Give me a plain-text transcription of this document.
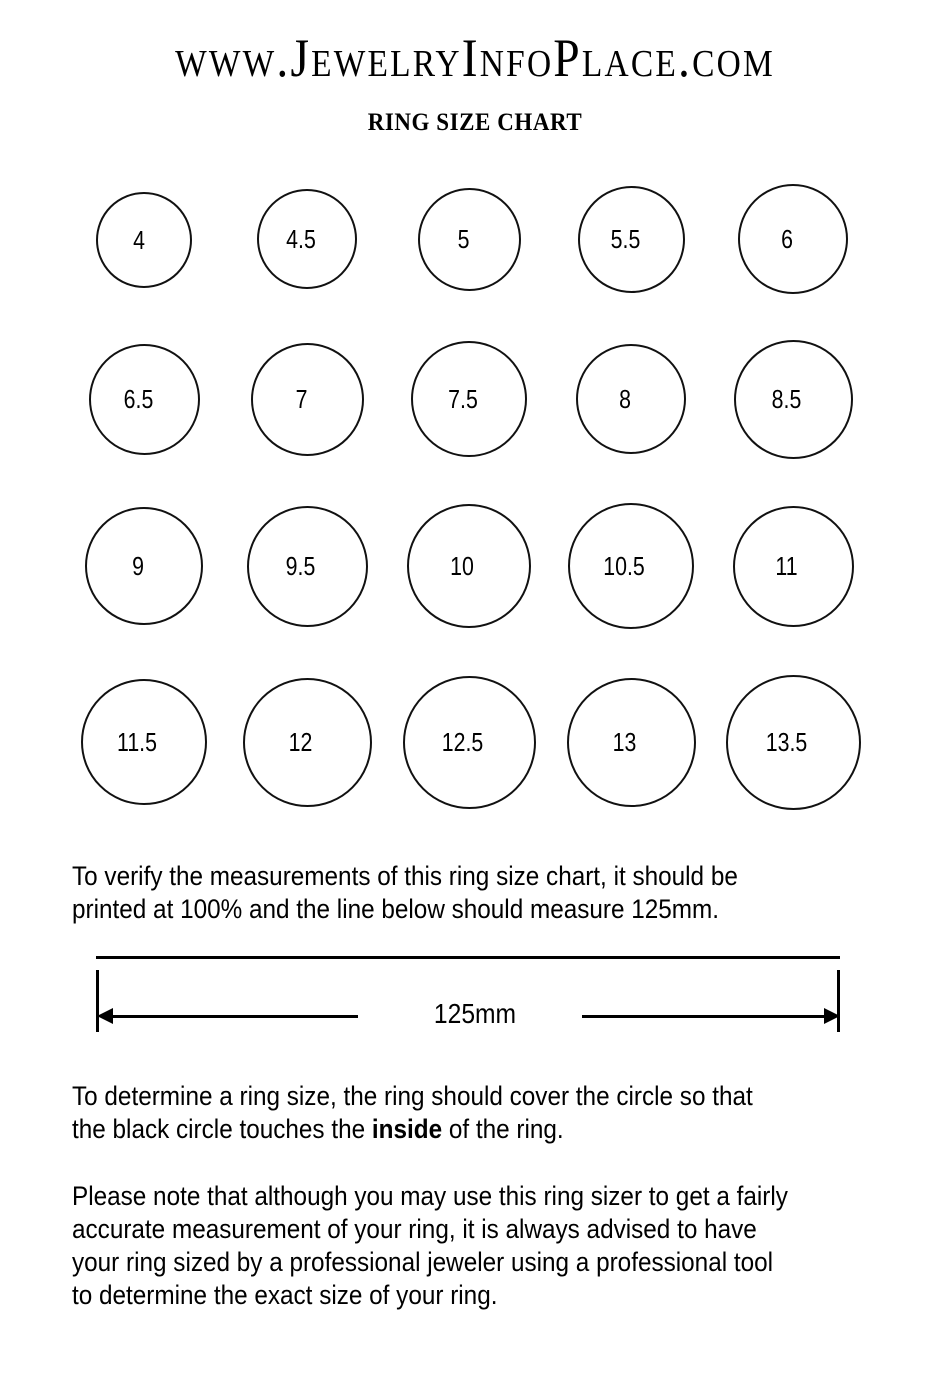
www.JewelryInfoPlace.com
RING SIZE CHART
4	4.5	5	5.5	6
6.5	7	7.5	8	8.5
9	9.5	10	10.5	11
11.5	12	12.5	13	13.5
To verify the measurements of this ring size chart, it should be
printed at 100% and the line below should measure 125mm.
125mm
To determine a ring size, the ring should cover the circle so that
the black circle touches the inside of the ring.
Please note that although you may use this ring sizer to get a fairly
accurate measurement of your ring, it is always advised to have
your ring sized by a professional jeweler using a professional tool
to determine the exact size of your ring.
